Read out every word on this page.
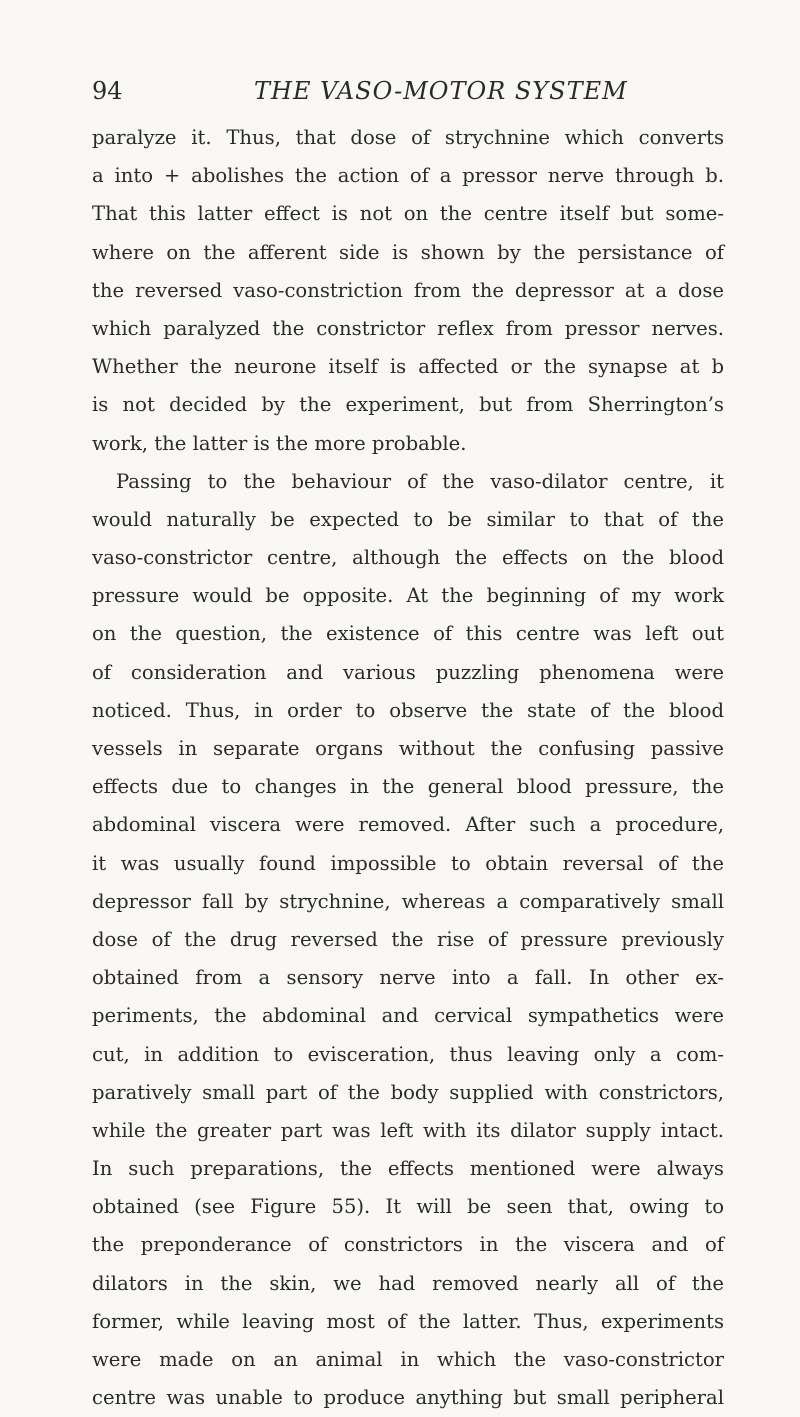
94	THE VASO-MOTOR SYSTEM
paralyze it. Thus, that dose of strychnine which converts
a into + abolishes the action of a pressor nerve through b.
That this latter effect is not on the centre itself but some-
where on the afferent side is shown by the persistance of
the reversed vaso-constriction from the depressor at a dose
which paralyzed the constrictor reflex from pressor nerves.
Whether the neurone itself is affected or the synapse at b
is not decided by the experiment, but from Sherrington’s
work, the latter is the more probable.
Passing to the behaviour of the vaso-dilator centre, it
would naturally be expected to be similar to that of the
vaso-constrictor centre, although the effects on the blood
pressure would be opposite. At the beginning of my work
on the question, the existence of this centre was left out
of consideration and various puzzling phenomena were
noticed. Thus, in order to observe the state of the blood
vessels in separate organs without the confusing passive
effects due to changes in the general blood pressure, the
abdominal viscera were removed. After such a procedure,
it was usually found impossible to obtain reversal of the
depressor fall by strychnine, whereas a comparatively small
dose of the drug reversed the rise of pressure previously
obtained from a sensory nerve into a fall. In other ex-
periments, the abdominal and cervical sympathetics were
cut, in addition to evisceration, thus leaving only a com-
paratively small part of the body supplied with constrictors,
while the greater part was left with its dilator supply intact.
In such preparations, the effects mentioned were always
obtained (see Figure 55). It will be seen that, owing to
the preponderance of constrictors in the viscera and of
dilators in the skin, we had removed nearly all of the
former, while leaving most of the latter. Thus, experiments
were made on an animal in which the vaso-constrictor
centre was unable to produce anything but small peripheral
